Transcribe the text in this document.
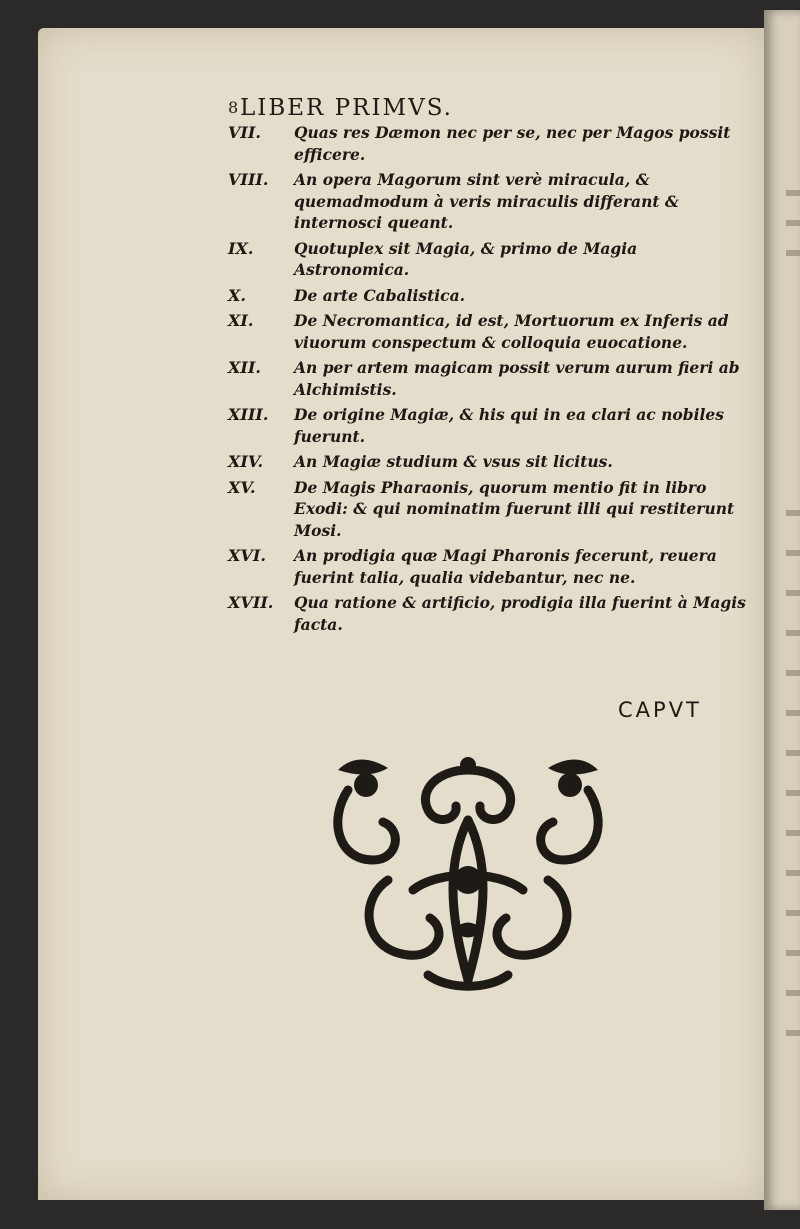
8 LIBER PRIMVS.
VII.	Quas res Dæmon nec per se, nec per Magos possit efficere.
VIII.	An opera Magorum sint verè miracula, & quemadmodum à veris miraculis differant & internosci queant.
IX.	Quotuplex sit Magia, & primo de Magia Astronomica.
X.	De arte Cabalistica.
XI.	De Necromantica, id est, Mortuorum ex Inferis ad viuorum conspectum & colloquia euocatione.
XII.	An per artem magicam possit verum aurum fieri ab Alchimistis.
XIII.	De origine Magiæ, & his qui in ea clari ac nobiles fuerunt.
XIV.	An Magiæ studium & vsus sit licitus.
XV.	De Magis Pharaonis, quorum mentio fit in libro Exodi: & qui nominatim fuerunt illi qui restiterunt Mosi.
XVI.	An prodigia quæ Magi Pharonis fecerunt, reuera fuerint talia, qualia videbantur, nec ne.
XVII.	Qua ratione & artificio, prodigia illa fuerint à Magis facta.
CAPVT
